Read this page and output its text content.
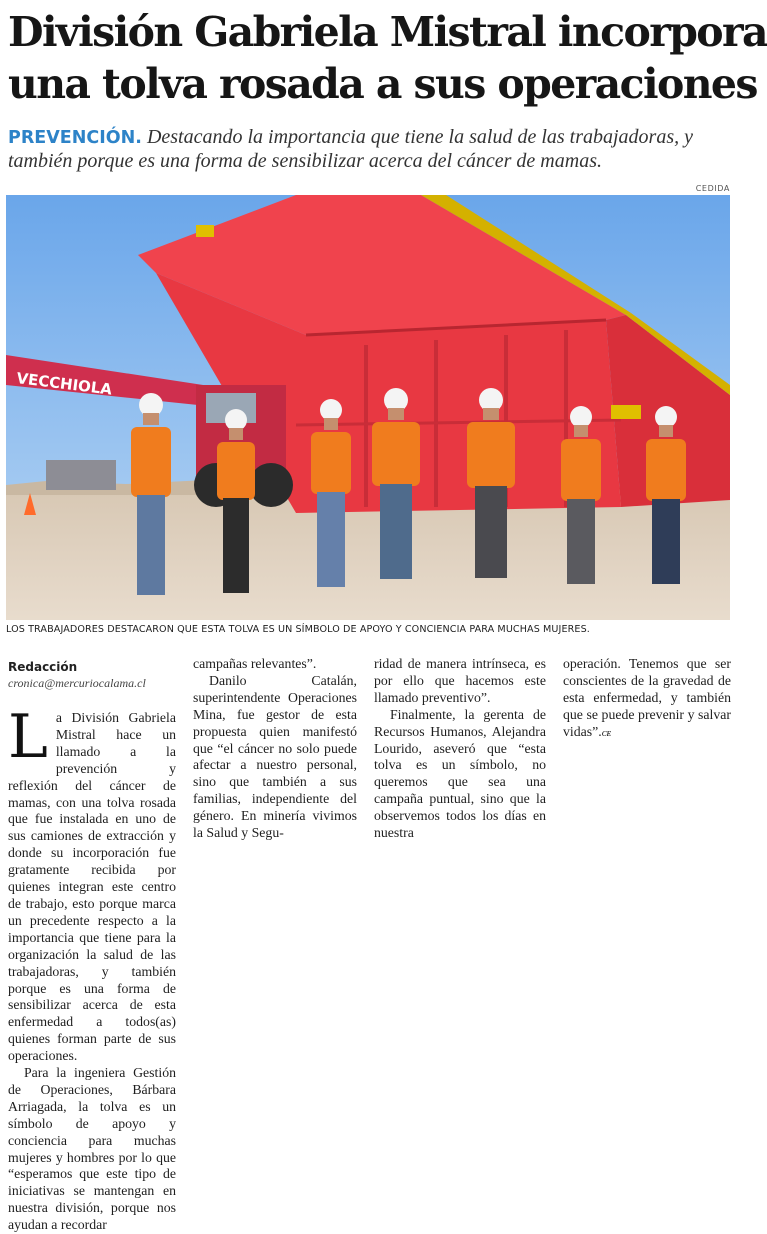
División Gabriela Mistral incorpora
una tolva rosada a sus operaciones
PREVENCIÓN. Destacando la importancia que tiene la salud de las trabajadoras, y también porque es una forma de sensibilizar acerca del cáncer de mamas.
CEDIDA
VECCHIOLA
LOS TRABAJADORES DESTACARON QUE ESTA TOLVA ES UN SÍMBOLO DE APOYO Y CONCIENCIA PARA MUCHAS MUJERES.
Redacción
cronica@mercuriocalama.cl
L a División Gabriela Mistral hace un llamado a la prevención y reflexión del cáncer de mamas, con una tolva rosada que fue instalada en uno de sus camiones de extracción y donde su incorporación fue gratamente recibida por quienes integran este centro de trabajo, esto porque marca un precedente respecto a la importancia que tiene para la organización la salud de las trabajadoras, y también porque es una forma de sensibilizar acerca de esta enfermedad a todos(as) quienes forman parte de sus operaciones.

Para la ingeniera Gestión de Operaciones, Bárbara Arriagada, la tolva es un símbolo de apoyo y conciencia para muchas mujeres y hombres por lo que “esperamos que este tipo de iniciativas se mantengan en nuestra división, porque nos ayudan a recordar

campañas relevantes”.

Danilo Catalán, superintendente Operaciones Mina, fue gestor de esta propuesta quien manifestó que “el cáncer no solo puede afectar a nuestro personal, sino que también a sus familias, independiente del género. En minería vivimos la Salud y Segu-

ridad de manera intrínseca, es por ello que hacemos este llamado preventivo”.

Finalmente, la gerenta de Recursos Humanos, Alejandra Lourido, aseveró que “esta tolva es un símbolo, no queremos que sea una campaña puntual, sino que la observemos todos los días en nuestra

operación. Tenemos que ser conscientes de la gravedad de esta enfermedad, y también que se puede prevenir y salvar vidas”.ᴄᴇ
